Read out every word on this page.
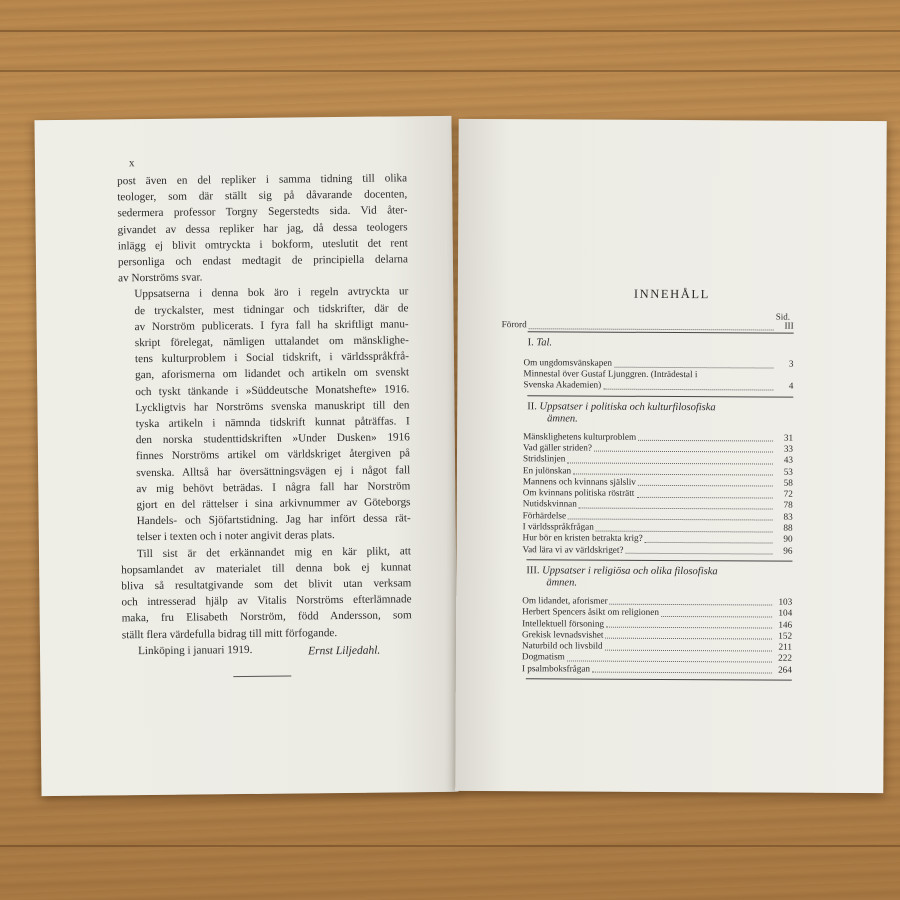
x
post även en del repliker i samma tidning till olika
teologer, som där ställt sig på dåvarande docenten,
sedermera professor Torgny Segerstedts sida. Vid åter-
givandet av dessa repliker har jag, då dessa teologers
inlägg ej blivit omtryckta i bokform, uteslutit det rent
personliga och endast medtagit de principiella delarna
av Norströms svar.
Uppsatserna i denna bok äro i regeln avtryckta ur
de tryckalster, mest tidningar och tidskrifter, där de
av Norström publicerats. I fyra fall ha skriftligt manu-
skript förelegat, nämligen uttalandet om mänsklighe-
tens kulturproblem i Social tidskrift, i världsspråkfrå-
gan, aforismerna om lidandet och artikeln om svenskt
och tyskt tänkande i »Süddeutsche Monatshefte» 1916.
Lyckligtvis har Norströms svenska manuskript till den
tyska artikeln i nämnda tidskrift kunnat påträffas. I
den norska studenttidskriften »Under Dusken» 1916
finnes Norströms artikel om världskriget återgiven på
svenska. Alltså har översättningsvägen ej i något fall
av mig behövt beträdas. I några fall har Norström
gjort en del rättelser i sina arkivnummer av Göteborgs
Handels- och Sjöfartstidning. Jag har infört dessa rät-
telser i texten och i noter angivit deras plats.
Till sist är det erkännandet mig en kär plikt, att
hopsamlandet av materialet till denna bok ej kunnat
bliva så resultatgivande som det blivit utan verksam
och intresserad hjälp av Vitalis Norströms efterlämnade
maka, fru Elisabeth Norström, född Andersson, som
ställt flera värdefulla bidrag till mitt förfogande.
Linköping i januari 1919.	Ernst Liljedahl.
INNEHÅLL
Sid.
Förord	III
I. Tal.
Om ungdomsvänskapen	3
Minnestal över Gustaf Ljunggren. (Inträdestal i
Svenska Akademien)	4
II. Uppsatser i politiska och kulturfilosofiska
ämnen.
Mänsklighetens kulturproblem	31
Vad gäller striden?	33
Stridslinjen	43
En julönskan	53
Mannens och kvinnans själsliv	58
Om kvinnans politiska rösträtt	72
Nutidskvinnan	78
Förhärdelse	83
I världsspråkfrågan	88
Hur bör en kristen betrakta krig?	90
Vad lära vi av världskriget?	96
III. Uppsatser i religiösa och olika filosofiska
ämnen.
Om lidandet, aforismer	103
Herbert Spencers åsikt om religionen	104
Intellektuell försoning	146
Grekisk levnadsvishet	152
Naturbild och livsbild	211
Dogmatism	222
I psalmboksfrågan	264
